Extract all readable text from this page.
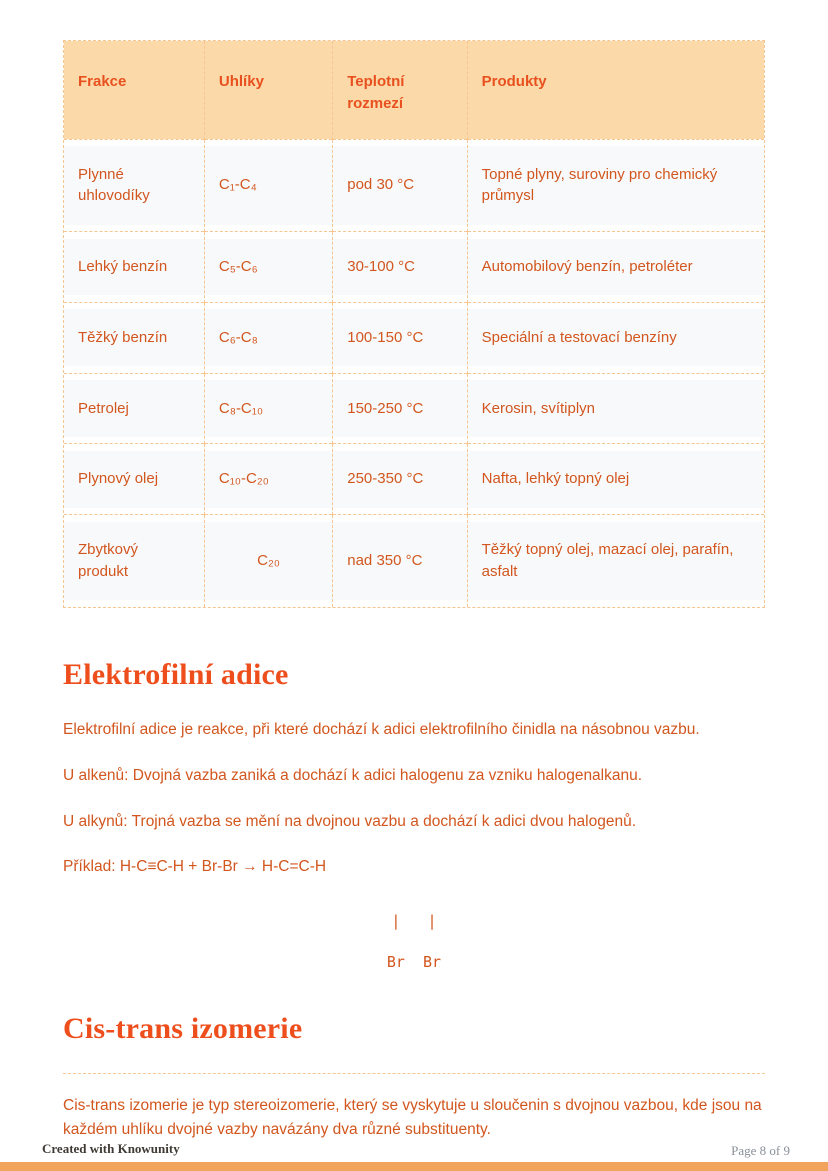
Frakce	Uhlíky	Teplotní rozmezí	Produkty

Plynné uhlovodíky	C₁-C₄	pod 30 °C	Topné plyny, suroviny pro chemický průmysl

Lehký benzín	C₅-C₆	30-100 °C	Automobilový benzín, petroléter

Těžký benzín	C₆-C₈	100-150 °C	Speciální a testovací benzíny

Petrolej	C₈-C₁₀	150-250 °C	Kerosin, svítiplyn

Plynový olej	C₁₀-C₂₀	250-350 °C	Nafta, lehký topný olej

Zbytkový produkt	C₂₀	nad 350 °C	Těžký topný olej, mazací olej, parafín, asfalt
Elektrofilní adice

Elektrofilní adice je reakce, při které dochází k adici elektrofilního činidla na násobnou vazbu.

U alkenů: Dvojná vazba zaniká a dochází k adici halogenu za vzniku halogenalkanu.

U alkynů: Trojná vazba se mění na dvojnou vazbu a dochází k adici dvou halogenů.

Příklad: H-C≡C-H + Br-Br → H-C=C-H

|   |
Br  Br
Cis-trans izomerie

Cis-trans izomerie je typ stereoizomerie, který se vyskytuje u sloučenin s dvojnou vazbou, kde jsou na každém uhlíku dvojné vazby navázány dva různé substituenty.

Created with Knowunity	Page 8 of 9
